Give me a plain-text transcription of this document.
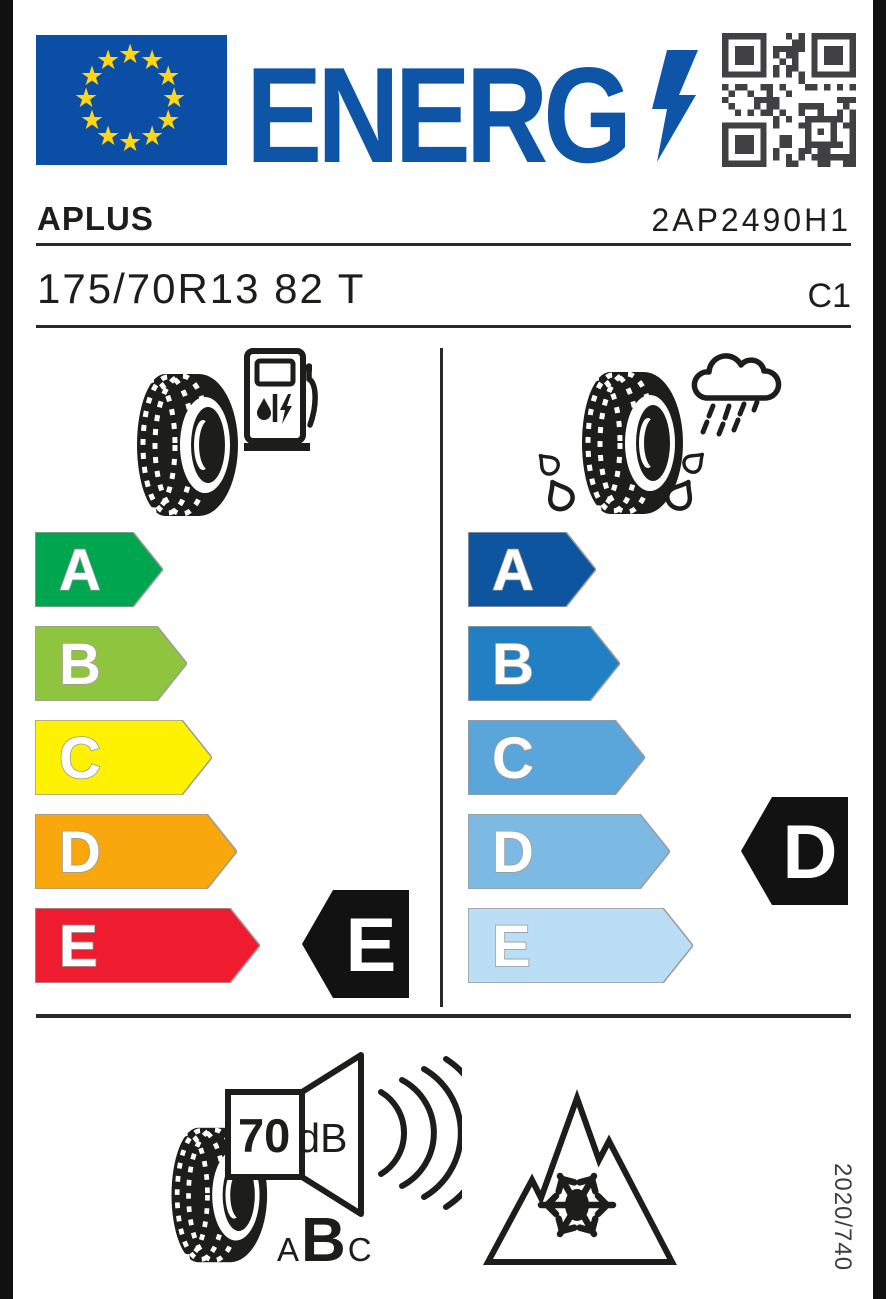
★
★
★
★
★
★
★
★
★
★
★
★ ENERG
APLUS	2AP2490H1
175/70R13 82 T	C1
A
B
C
D
E
A
B
C
D
E
E
D
70 dB
A B C	2020/740
